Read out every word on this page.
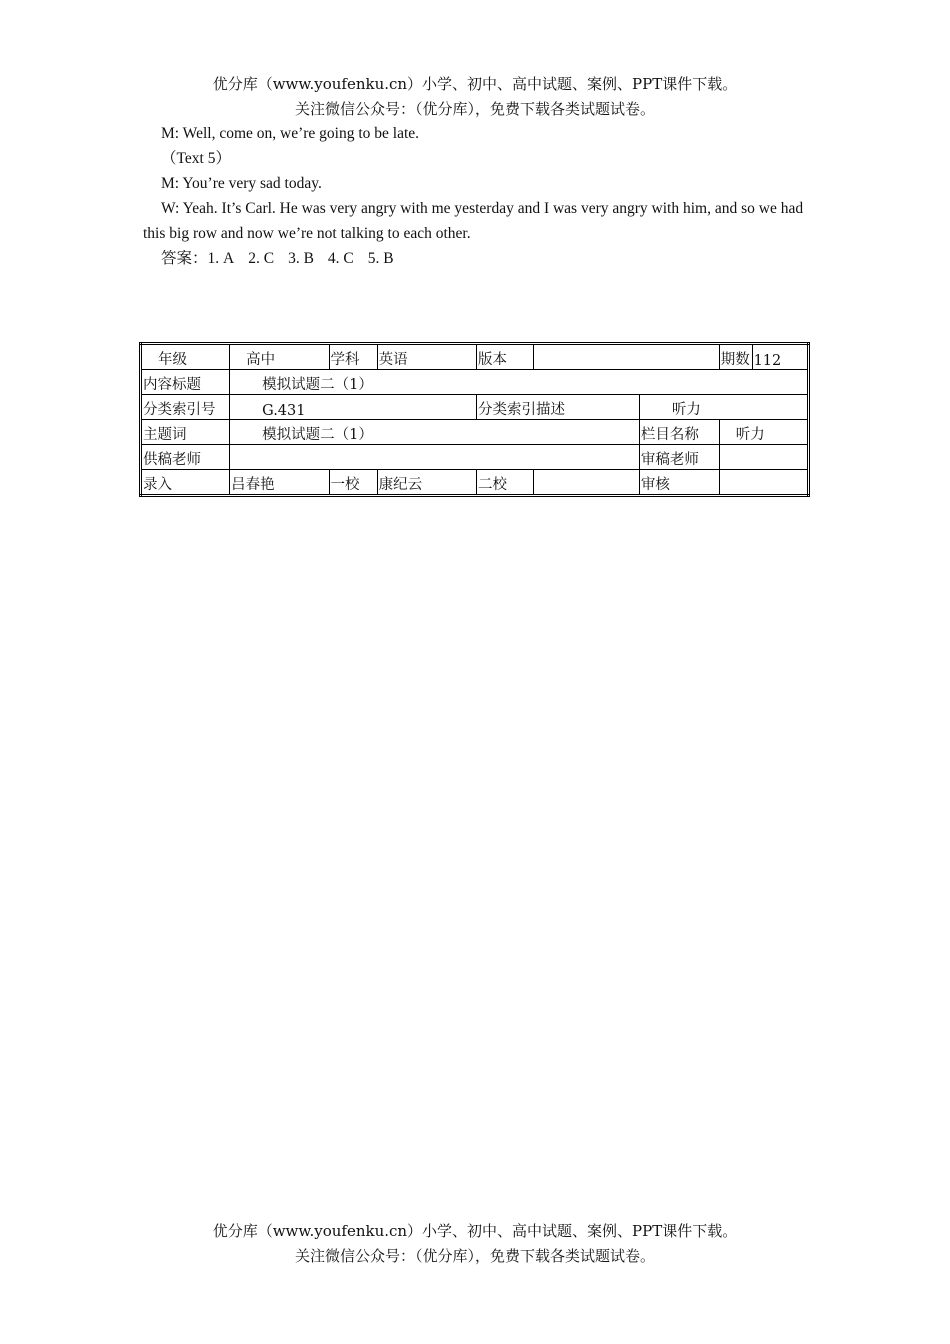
优分库（www.youfenku.cn）小学、初中、高中试题、案例、PPT课件下载。
关注微信公众号：（优分库），免费下载各类试题试卷。
M: Well, come on, we’re going to be late.
（Text 5）
M: You’re very sad today.
W: Yeah. It’s Carl. He was very angry with me yesterday and I was very angry with him, and so we had this big row and now we’re not talking to each other.
答案：1. A 2. C 3. B 4. C 5. B
年级	高中	学科	英语	版本			期数	112
内容标题	模拟试题二（1）							
分类索引号	G.431			分类索引描述		听力		
主题词	模拟试题二（1）					栏目名称	听力	
供稿老师						审稿老师		
录入	吕春艳	一校	康纪云	二校		审核		
优分库（www.youfenku.cn）小学、初中、高中试题、案例、PPT课件下载。
关注微信公众号：（优分库），免费下载各类试题试卷。
